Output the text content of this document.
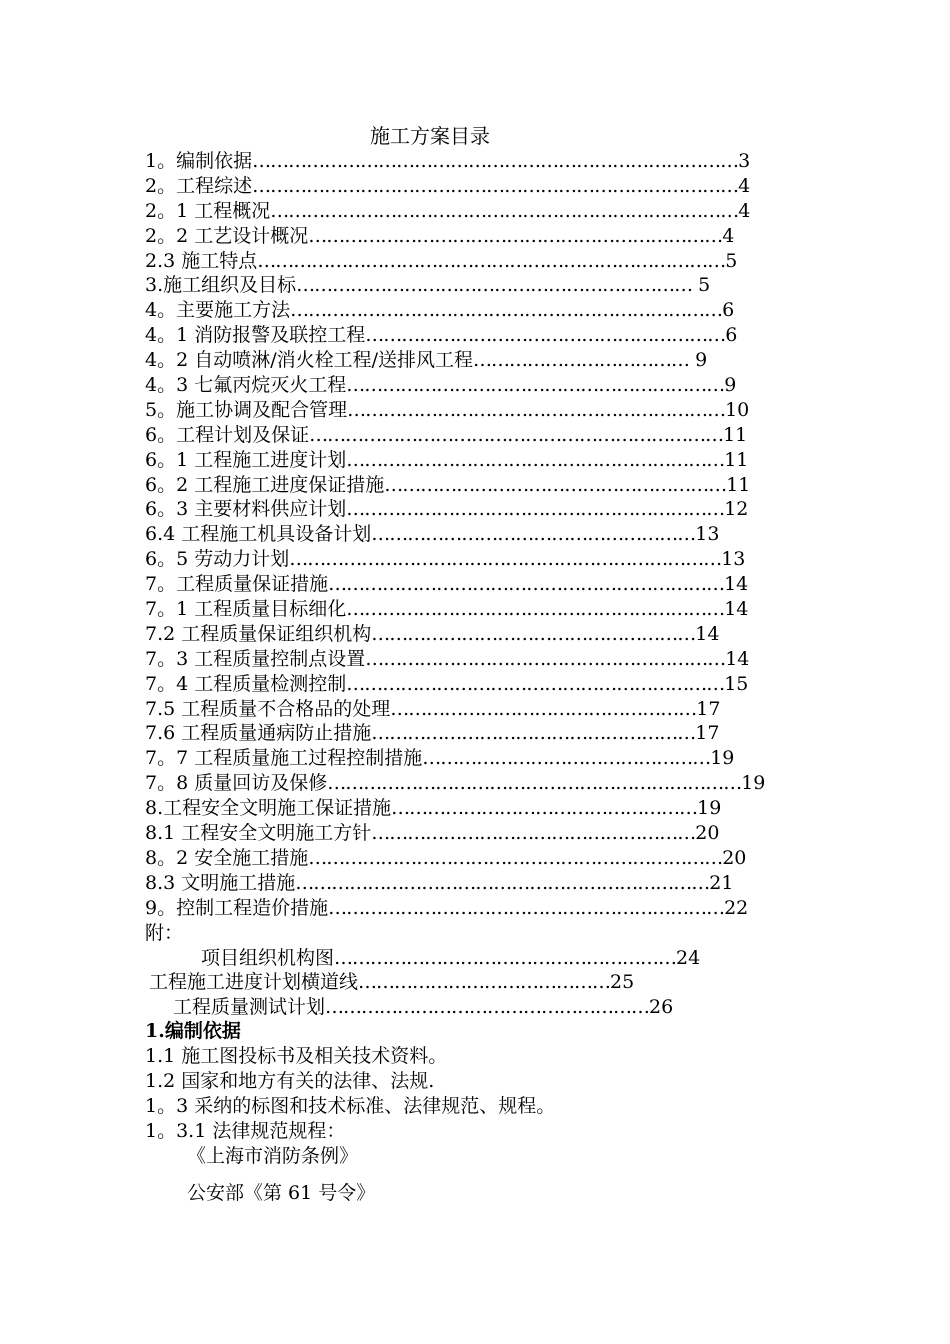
施工方案目录
1。编制依据………………………………………………………………………3
2。工程综述………………………………………………………………………4
2。1 工程概况……………………………………………………………………4
2。2 工艺设计概况……………………………………………………………4
2.3 施工特点……………………………………………………………………5
3.施工组织及目标………………………………………………………… 5
4。主要施工方法………………………………………………………………6
4。1 消防报警及联控工程……………………………………………………6
4。2 自动喷淋/消火栓工程/送排风工程……………………………… 9
4。3 七氟丙烷灭火工程………………………………………………………9
5。施工协调及配合管理………………………………………………………10
6。工程计划及保证……………………………………………………………11
6。1 工程施工进度计划………………………………………………………11
6。2 工程施工进度保证措施…………………………………………………11
6。3 主要材料供应计划………………………………………………………12
6.4 工程施工机具设备计划………………………………………………13
6。5 劳动力计划………………………………………………………………13
7。工程质量保证措施…………………………………………………………14
7。1 工程质量目标细化………………………………………………………14
7.2 工程质量保证组织机构………………………………………………14
7。3 工程质量控制点设置……………………………………………………14
7。4 工程质量检测控制………………………………………………………15
7.5 工程质量不合格品的处理……………………………………………17
7.6 工程质量通病防止措施………………………………………………17
7。7 工程质量施工过程控制措施…………………………………………19
7。8 质量回访及保修……………………………………………………………19
8.工程安全文明施工保证措施……………………………………………19
8.1 工程安全文明施工方针………………………………………………20
8。2 安全施工措施……………………………………………………………20
8.3 文明施工措施……………………………………………………………21
9。控制工程造价措施…………………………………………………………22
附：
项目组织机构图…………………………………………………24
工程施工进度计划横道线……………………………………25
工程质量测试计划………………………………………………26
1.编制依据
1.1 施工图投标书及相关技术资料。
1.2 国家和地方有关的法律、法规.
1。3 采纳的标图和技术标准、法律规范、规程。
1。3.1 法律规范规程：
《上海市消防条例》
公安部《第 61 号令》
